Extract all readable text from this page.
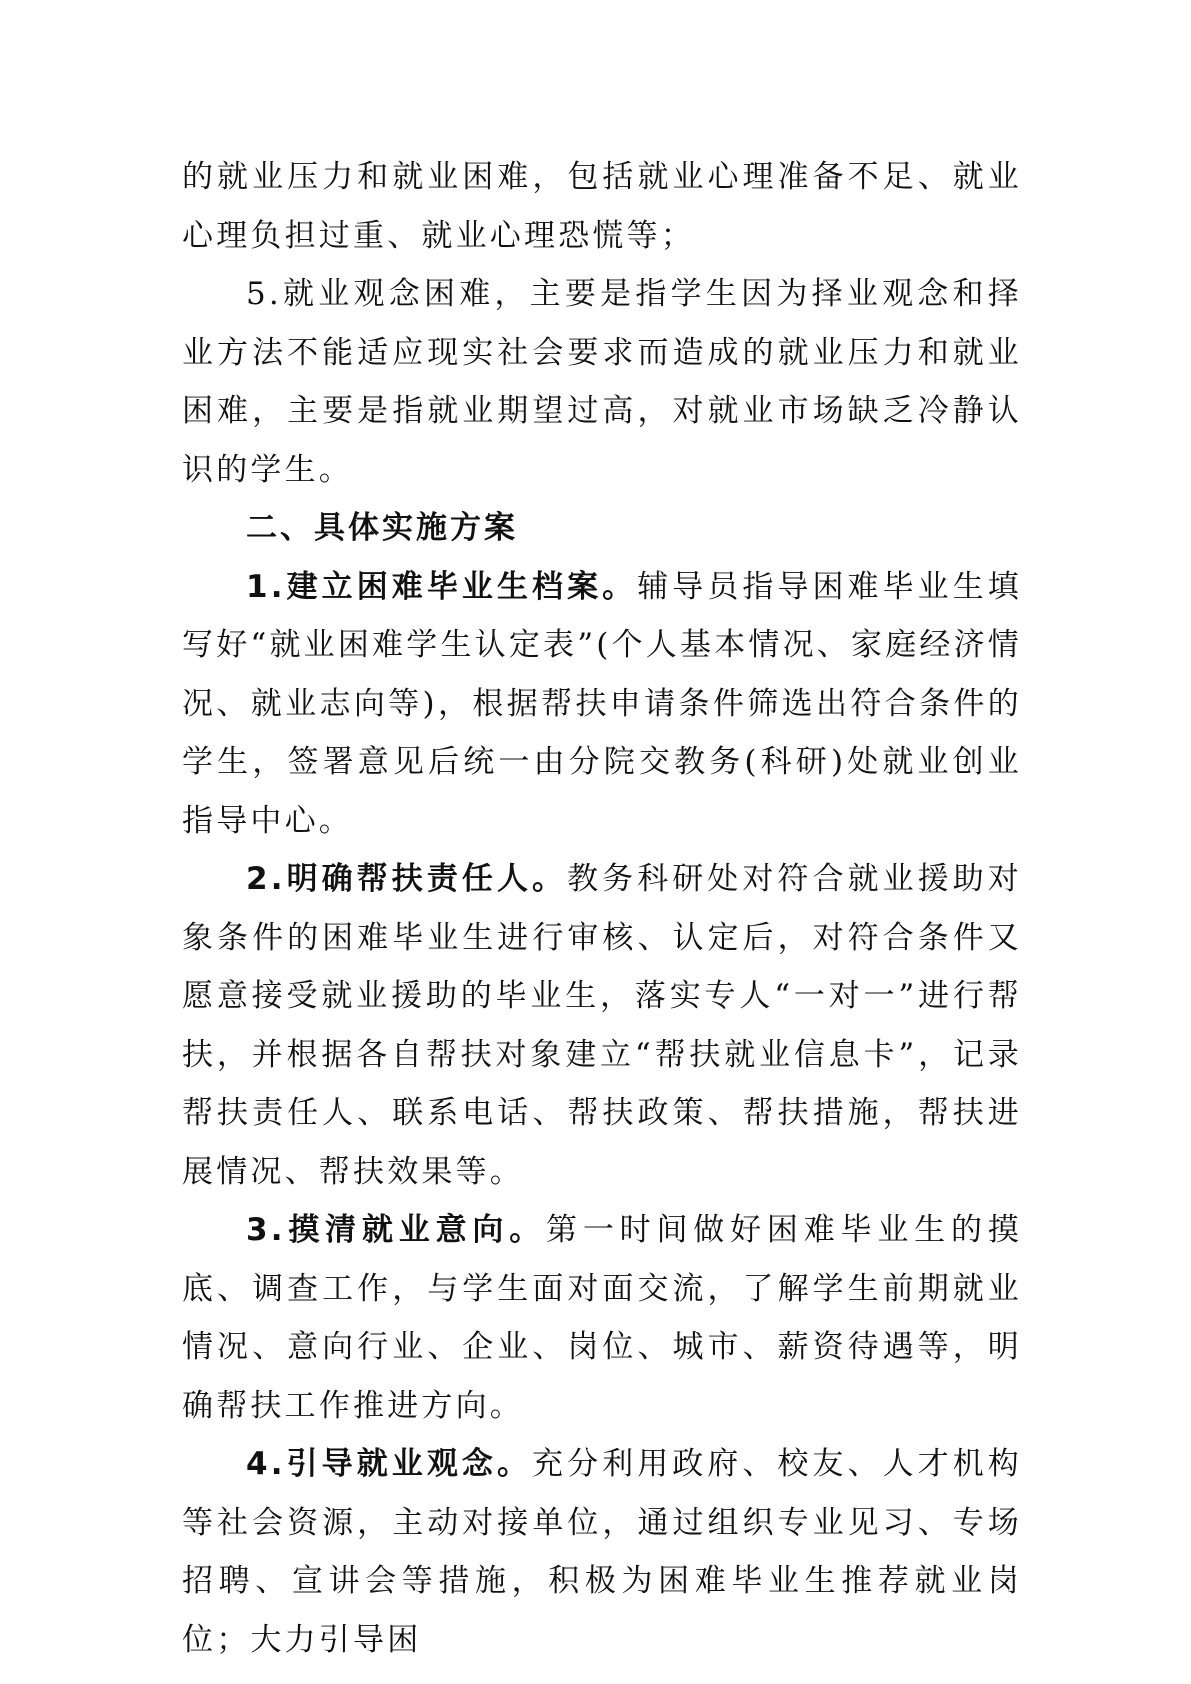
的就业压力和就业困难，包括就业心理准备不足、就业心理负担过重、就业心理恐慌等；

5.就业观念困难，主要是指学生因为择业观念和择业方法不能适应现实社会要求而造成的就业压力和就业困难，主要是指就业期望过高，对就业市场缺乏冷静认识的学生。

二、具体实施方案

1.建立困难毕业生档案。辅导员指导困难毕业生填写好“就业困难学生认定表”(个人基本情况、家庭经济情况、就业志向等)，根据帮扶申请条件筛选出符合条件的学生，签署意见后统一由分院交教务(科研)处就业创业指导中心。

2.明确帮扶责任人。教务科研处对符合就业援助对象条件的困难毕业生进行审核、认定后，对符合条件又愿意接受就业援助的毕业生，落实专人“一对一”进行帮扶，并根据各自帮扶对象建立“帮扶就业信息卡”，记录帮扶责任人、联系电话、帮扶政策、帮扶措施，帮扶进展情况、帮扶效果等。

3.摸清就业意向。第一时间做好困难毕业生的摸底、调查工作，与学生面对面交流，了解学生前期就业情况、意向行业、企业、岗位、城市、薪资待遇等，明确帮扶工作推进方向。

4.引导就业观念。充分利用政府、校友、人才机构等社会资源，主动对接单位，通过组织专业见习、专场招聘、宣讲会等措施，积极为困难毕业生推荐就业岗位；大力引导困
